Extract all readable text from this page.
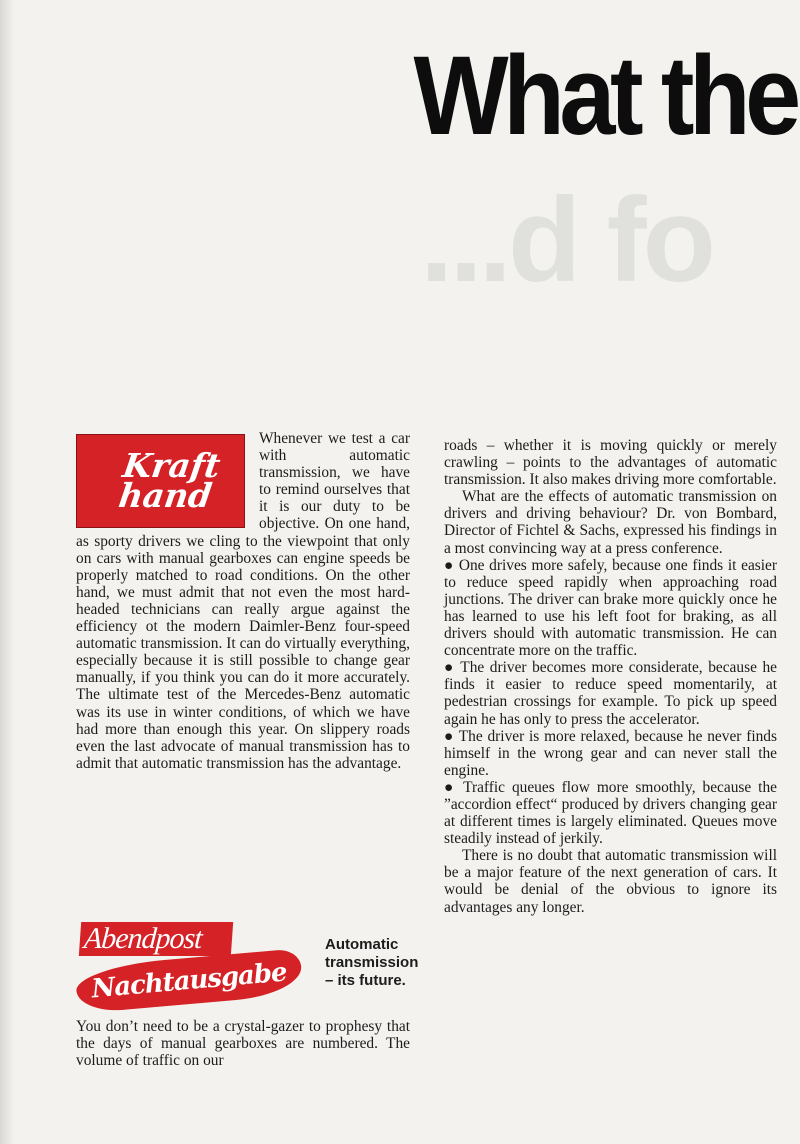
...d fo
What the
Kraft
hand

Whenever we test a car with automatic transmission, we have to remind ourselves that it is our duty to be objective. On one hand, as sporty drivers we cling to the viewpoint that only on cars with manual gearboxes can engine speeds be properly matched to road conditions. On the other hand, we must admit that not even the most hard-headed technicians can really argue against the efficiency ot the modern Daimler-Benz four-speed automatic transmission. It can do virtually everything, especially because it is still possible to change gear manually, if you think you can do it more accurately. The ultimate test of the Mercedes-Benz automatic was its use in winter conditions, of which we have had more than enough this year. On slippery roads even the last advocate of manual transmission has to admit that automatic transmission has the advantage.

Abendpost
Nachtausgabe
Automatic
transmission
– its future.

You don’t need to be a crystal-gazer to prophesy that the days of manual gearboxes are numbered. The volume of traffic on our

roads – whether it is moving quickly or merely crawling – points to the advantages of automatic transmission. It also makes driving more comfortable.

What are the effects of automatic transmission on drivers and driving behaviour? Dr. von Bombard, Director of Fichtel & Sachs, expressed his findings in a most convincing way at a press conference.

● One drives more safely, because one finds it easier to reduce speed rapidly when approaching road junctions. The driver can brake more quickly once he has learned to use his left foot for braking, as all drivers should with automatic transmission. He can concentrate more on the traffic.

● The driver becomes more considerate, because he finds it easier to reduce speed momentarily, at pedestrian crossings for example. To pick up speed again he has only to press the accelerator.

● The driver is more relaxed, because he never finds himself in the wrong gear and can never stall the engine.

● Traffic queues flow more smoothly, because the ”accordion effect“ produced by drivers changing gear at different times is largely eliminated. Queues move steadily instead of jerkily.

There is no doubt that automatic transmission will be a major feature of the next generation of cars. It would be denial of the obvious to ignore its advantages any longer.
